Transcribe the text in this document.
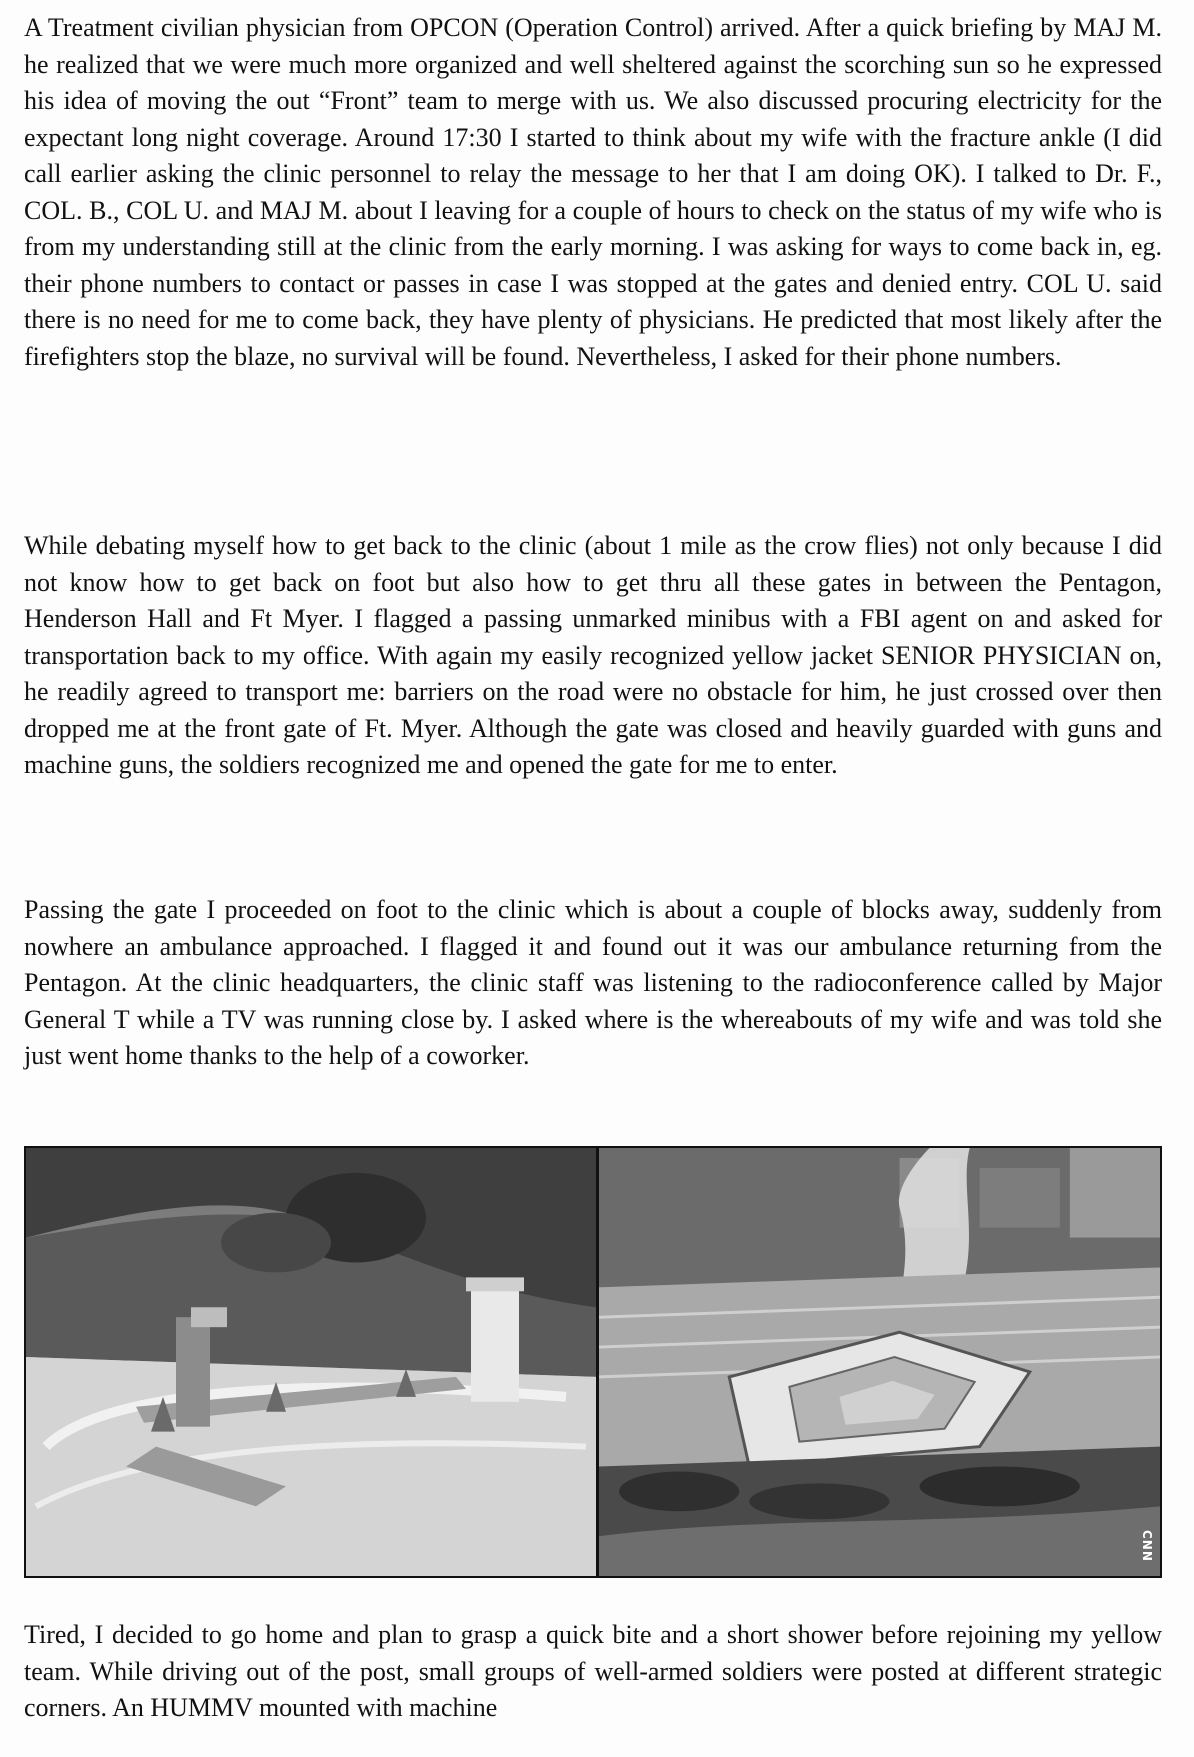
A Treatment civilian physician from OPCON (Operation Control) arrived. After a quick briefing by MAJ M. he realized that we were much more organized and well sheltered against the scorching sun so he expressed his idea of moving the out “Front” team to merge with us. We also discussed procuring electricity for the expectant long night coverage. Around 17:30 I started to think about my wife with the fracture ankle (I did call earlier asking the clinic personnel to relay the message to her that I am doing OK). I talked to Dr. F., COL. B., COL U. and MAJ M. about I leaving for a couple of hours to check on the status of my wife who is from my understanding still at the clinic from the early morning. I was asking for ways to come back in, eg. their phone numbers to contact or passes in case I was stopped at the gates and denied entry. COL U. said there is no need for me to come back, they have plenty of physicians. He predicted that most likely after the firefighters stop the blaze, no survival will be found. Nevertheless, I asked for their phone numbers.

While debating myself how to get back to the clinic (about 1 mile as the crow flies) not only because I did not know how to get back on foot but also how to get thru all these gates in between the Pentagon, Henderson Hall and Ft Myer. I flagged a passing unmarked minibus with a FBI agent on and asked for transportation back to my office. With again my easily recognized yellow jacket SENIOR PHYSICIAN on, he readily agreed to transport me: barriers on the road were no obstacle for him, he just crossed over then dropped me at the front gate of Ft. Myer. Although the gate was closed and heavily guarded with guns and machine guns, the soldiers recognized me and opened the gate for me to enter.

Passing the gate I proceeded on foot to the clinic which is about a couple of blocks away, suddenly from nowhere an ambulance approached. I flagged it and found out it was our ambulance returning from the Pentagon. At the clinic headquarters, the clinic staff was listening to the radioconference called by Major General T while a TV was running close by. I asked where is the whereabouts of my wife and was told she just went home thanks to the help of a coworker.

CNN

Tired, I decided to go home and plan to grasp a quick bite and a short shower before rejoining my yellow team. While driving out of the post, small groups of well-armed soldiers were posted at different strategic corners. An HUMMV mounted with machine
